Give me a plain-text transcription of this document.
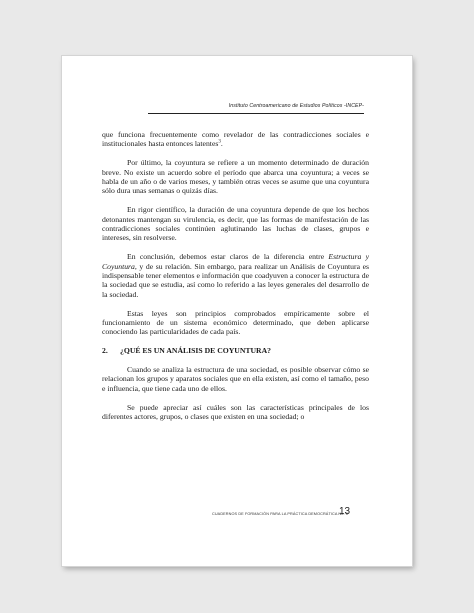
Instituto Centroamericano de Estudios Políticos -INCEP-

que funciona frecuentemente como revelador de las contradicciones sociales e institucionales hasta entonces latentes$^3$.

Por último, la coyuntura se refiere a un momento determinado de duración breve. No existe un acuerdo sobre el período que abarca una coyuntura; a veces se habla de un año o de varios meses, y también otras veces se asume que una coyuntura sólo dura unas semanas o quizás días.

En rigor científico, la duración de una coyuntura depende de que los hechos detonantes mantengan su virulencia, es decir, que las formas de manifestación de las contradicciones sociales continúen aglutinando las luchas de clases, grupos e intereses, sin resolverse.

En conclusión, debemos estar claros de la diferencia entre Estructura y Coyuntura, y de su relación. Sin embargo, para realizar un Análisis de Coyuntura es indispensable tener elementos e información que coadyuven a conocer la estructura de la sociedad que se estudia, así como lo referido a las leyes generales del desarrollo de la sociedad.

Estas leyes son principios comprobados empíricamente sobre el funcionamiento de un sistema económico determinado, que deben aplicarse conociendo las particularidades de cada país.

2.	¿QUÉ ES UN ANÁLISIS DE COYUNTURA?

Cuando se analiza la estructura de una sociedad, es posible observar cómo se relacionan los grupos y aparatos sociales que en ella existen, así como el tamaño, peso e influencia, que tiene cada uno de ellos.

Se puede apreciar así cuáles son las características principales de los diferentes actores, grupos, o clases que existen en una sociedad; o

CUADERNOS DE FORMACIÓN PARA LA PRÁCTICA DEMOCRÁTICA No. 5
13
